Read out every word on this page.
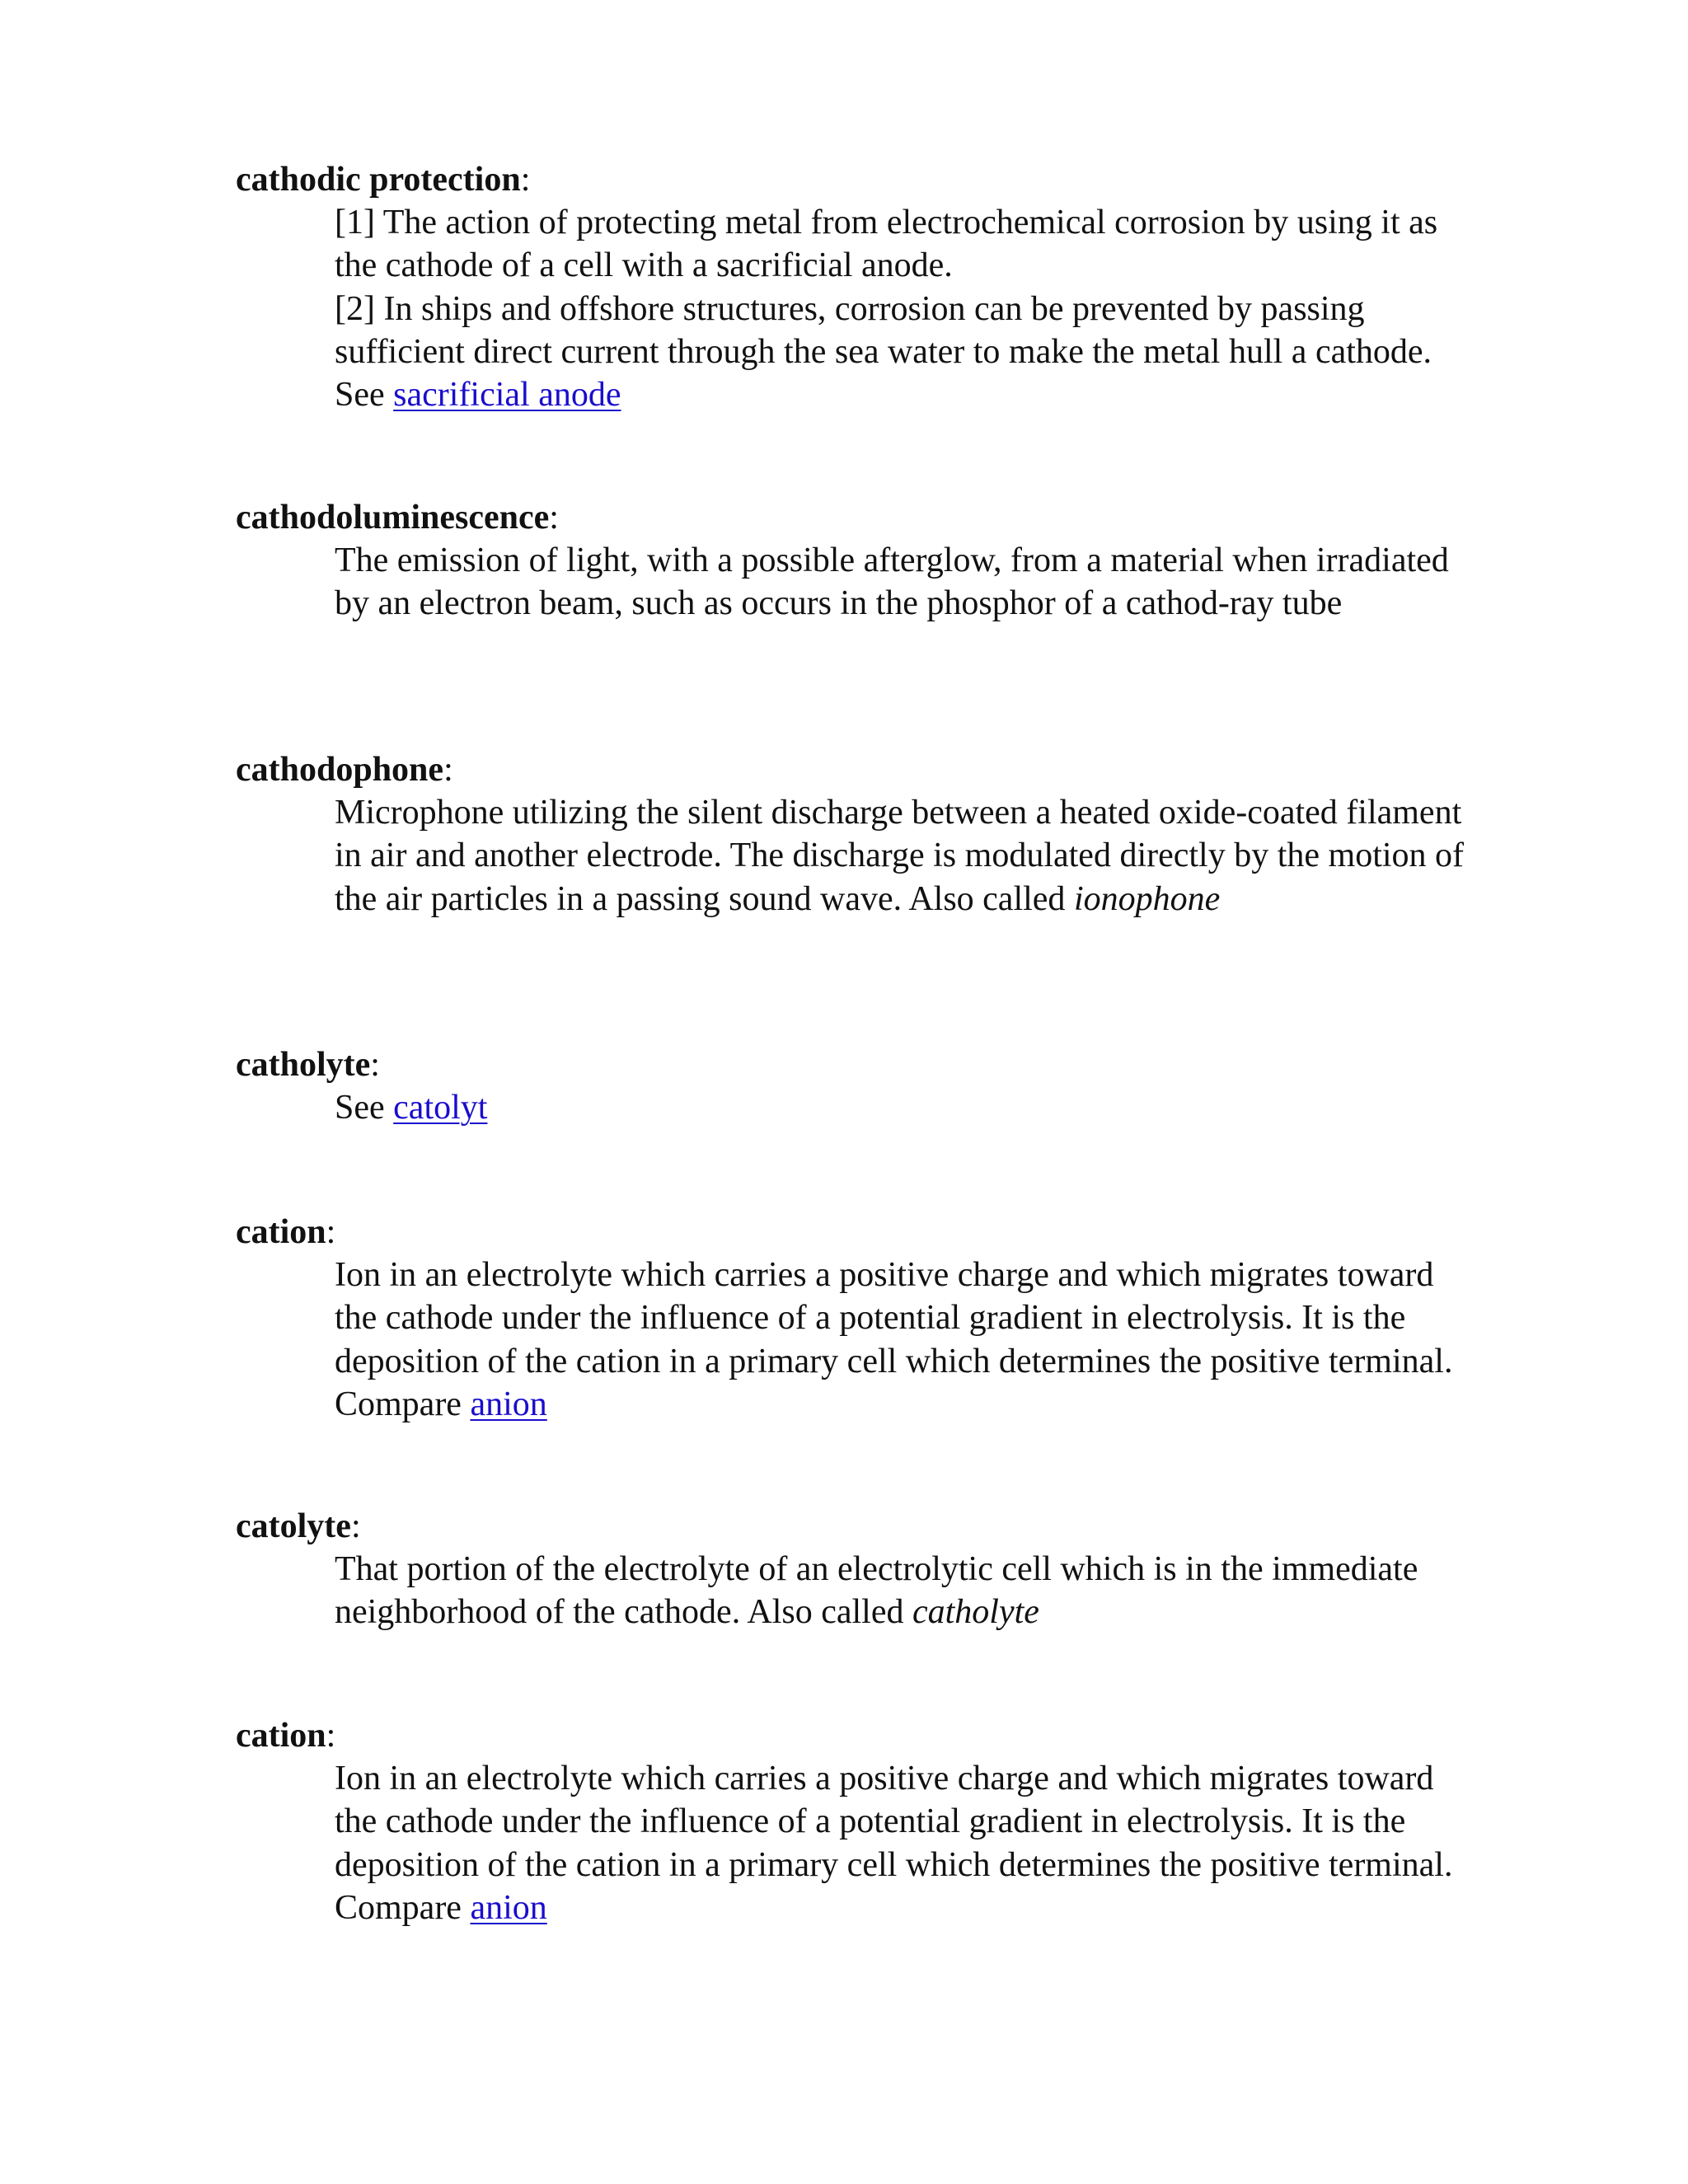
cathodic protection:

[1] The action of protecting metal from electrochemical corrosion by using it as the cathode of a cell with a sacrificial anode.

[2] In ships and offshore structures, corrosion can be prevented by passing sufficient direct current through the sea water to make the metal hull a cathode. See sacrificial anode

cathodoluminescence:

The emission of light, with a possible afterglow, from a material when irradiated by an electron beam, such as occurs in the phosphor of a cathod-ray tube

cathodophone:

Microphone utilizing the silent discharge between a heated oxide-coated filament in air and another electrode. The discharge is modulated directly by the motion of the air particles in a passing sound wave. Also called ionophone

catholyte:

See catolyt

cation:

Ion in an electrolyte which carries a positive charge and which migrates toward the cathode under the influence of a potential gradient in electrolysis. It is the deposition of the cation in a primary cell which determines the positive terminal. Compare anion

catolyte:

That portion of the electrolyte of an electrolytic cell which is in the immediate neighborhood of the cathode. Also called catholyte

cation:

Ion in an electrolyte which carries a positive charge and which migrates toward the cathode under the influence of a potential gradient in electrolysis. It is the deposition of the cation in a primary cell which determines the positive terminal. Compare anion
